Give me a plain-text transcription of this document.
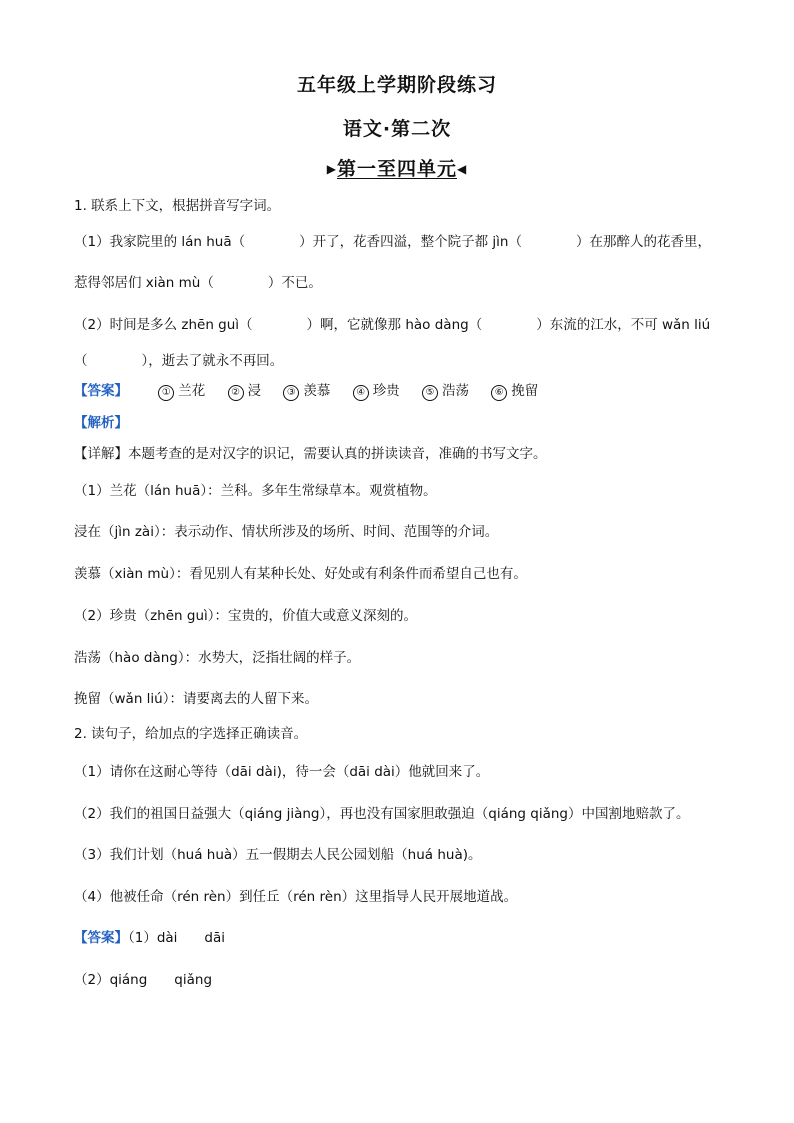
五年级上学期阶段练习
语文·第二次
▶第一至四单元◀
1. 联系上下文，根据拼音写字词。
（1）我家院里的 lán huā（　　　　）开了，花香四溢，整个院子都 jìn（　　　　）在那醉人的花香里，
惹得邻居们 xiàn mù（　　　　）不已。
（2）时间是多么 zhēn guì（　　　　）啊，它就像那 hào dàng（　　　　）东流的江水，不可 wǎn liú
（　　　　），逝去了就永不再回。
【答案】	① 兰花	② 浸	③ 羡慕	④ 珍贵	⑤ 浩荡	⑥ 挽留
【解析】
【详解】本题考查的是对汉字的识记，需要认真的拼读读音，准确的书写文字。
（1）兰花（lán huā）：兰科。多年生常绿草本。观赏植物。
浸在（jìn zài）：表示动作、情状所涉及的场所、时间、范围等的介词。
羡慕（xiàn mù）：看见别人有某种长处、好处或有利条件而希望自己也有。
（2）珍贵（zhēn guì）：宝贵的，价值大或意义深刻的。
浩荡（hào dàng）：水势大，泛指壮阔的样子。
挽留（wǎn liú）：请要离去的人留下来。
2. 读句子，给加点的字选择正确读音。
（1）请你在这耐心等待（dāi dài)，待一会（dāi dài）他就回来了。
（2）我们的祖国日益强大（qiáng jiàng），再也没有国家胆敢强迫（qiáng qiǎng）中国割地赔款了。
（3）我们计划（huá huà）五一假期去人民公园划船（huá huà)。
（4）他被任命（rén rèn）到任丘（rén rèn）这里指导人民开展地道战。
【答案】（1）dài　　dāi
（2）qiáng　　qiǎng
